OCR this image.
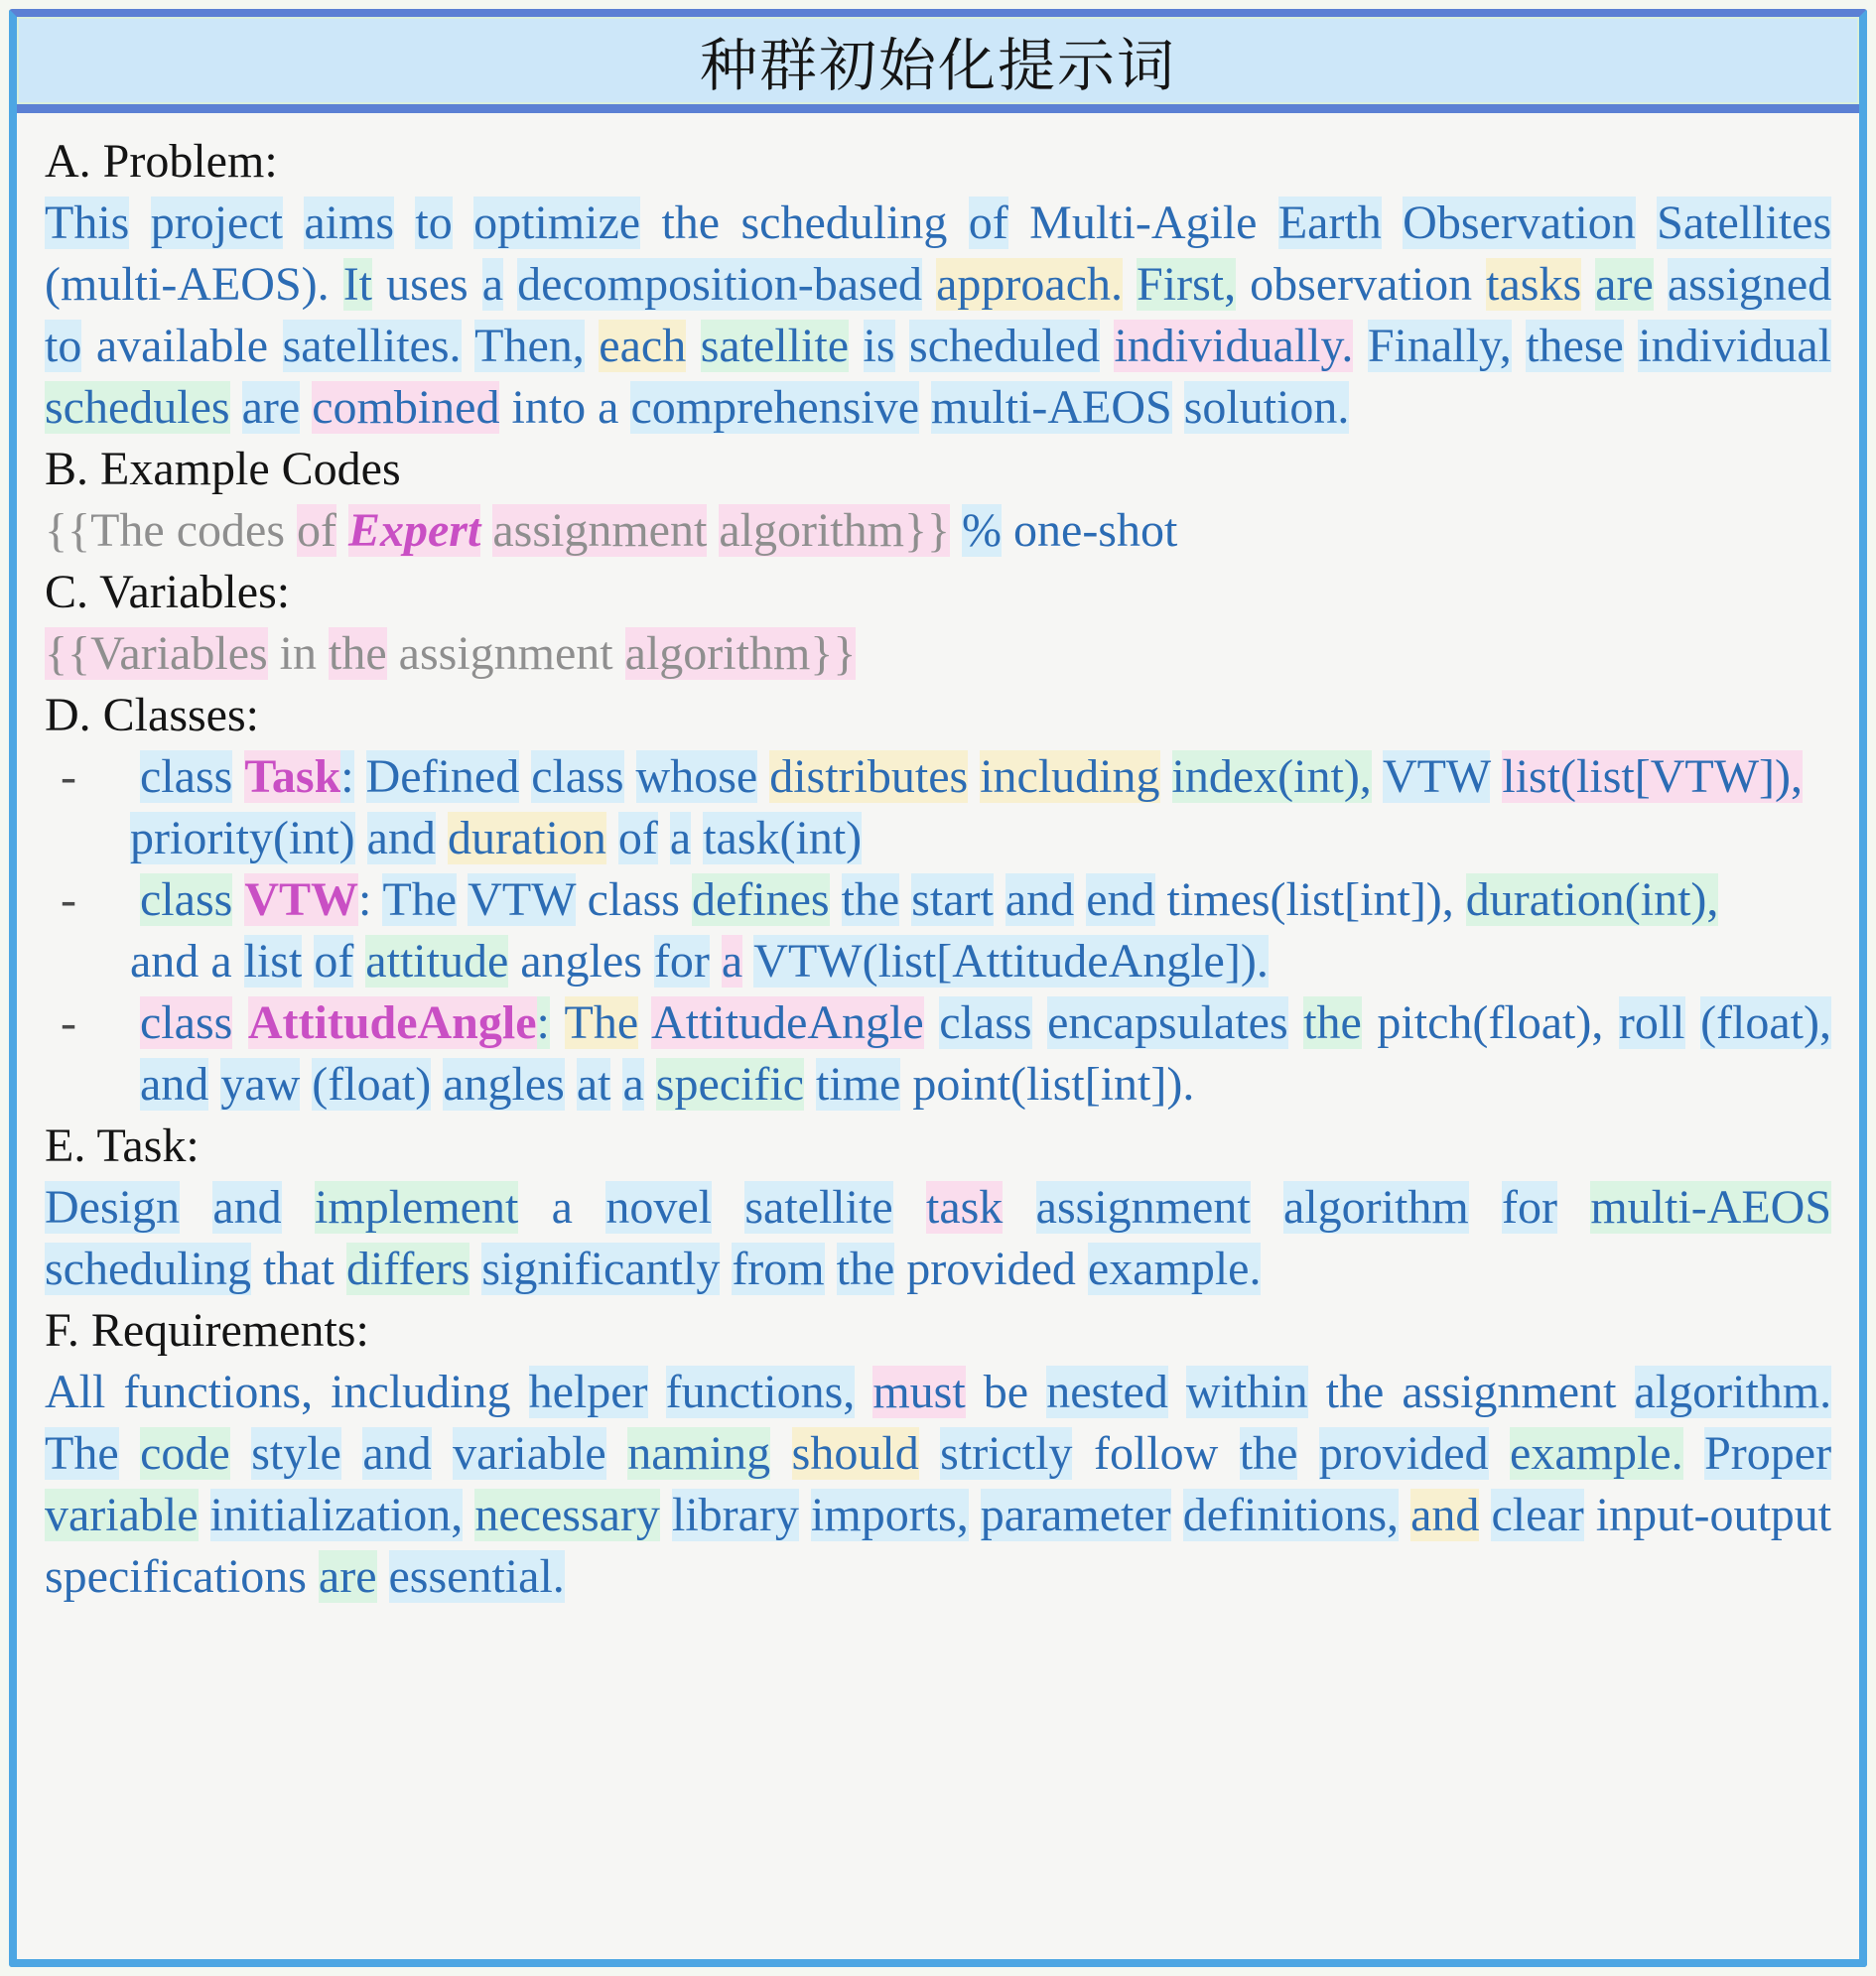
种群初始化提示词

A. Problem:

This project aims to optimize the scheduling of Multi-Agile Earth Observation Satellites (multi-AEOS). It uses a decomposition-based approach. First, observation tasks are assigned to available satellites. Then, each satellite is scheduled individually. Finally, these individual schedules are combined into a comprehensive multi-AEOS solution.

B. Example Codes

{{The codes of Expert assignment algorithm}} % one-shot

C. Variables:

{{Variables in the assignment algorithm}}

D. Classes:

- class Task: Defined class whose distributes including index(int), VTW list(list[VTW]),

priority(int) and duration of a task(int)

- class VTW: The VTW class defines the start and end times(list[int]), duration(int),

and a list of attitude angles for a VTW(list[AttitudeAngle]).

- class AttitudeAngle: The AttitudeAngle class encapsulates the pitch(float), roll (float), and yaw (float) angles at a specific time point(list[int]).

E. Task:

Design and implement a novel satellite task assignment algorithm for multi-AEOS scheduling that differs significantly from the provided example.

F. Requirements:

All functions, including helper functions, must be nested within the assignment algorithm. The code style and variable naming should strictly follow the provided example. Proper variable initialization, necessary library imports, parameter definitions, and clear input-output specifications are essential.
